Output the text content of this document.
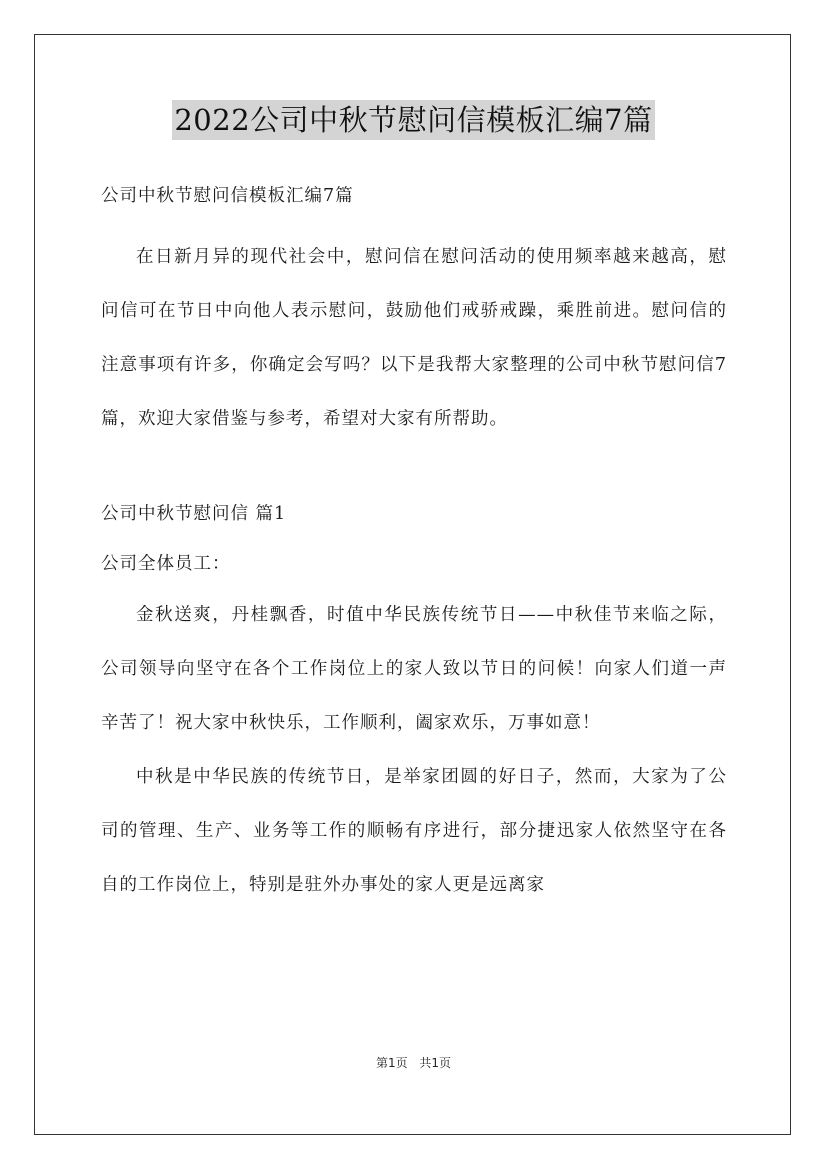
2022公司中秋节慰问信模板汇编7篇
公司中秋节慰问信模板汇编7篇

在日新月异的现代社会中，慰问信在慰问活动的使用频率越来越高，慰问信可在节日中向他人表示慰问，鼓励他们戒骄戒躁，乘胜前进。慰问信的注意事项有许多，你确定会写吗？以下是我帮大家整理的公司中秋节慰问信7篇，欢迎大家借鉴与参考，希望对大家有所帮助。

公司中秋节慰问信 篇1
公司全体员工：

金秋送爽，丹桂飘香，时值中华民族传统节日——中秋佳节来临之际，公司领导向坚守在各个工作岗位上的家人致以节日的问候！向家人们道一声辛苦了！祝大家中秋快乐，工作顺利，阖家欢乐，万事如意！

中秋是中华民族的传统节日，是举家团圆的好日子，然而，大家为了公司的管理、生产、业务等工作的顺畅有序进行，部分捷迅家人依然坚守在各自的工作岗位上，特别是驻外办事处的家人更是远离家

第1页 共1页
